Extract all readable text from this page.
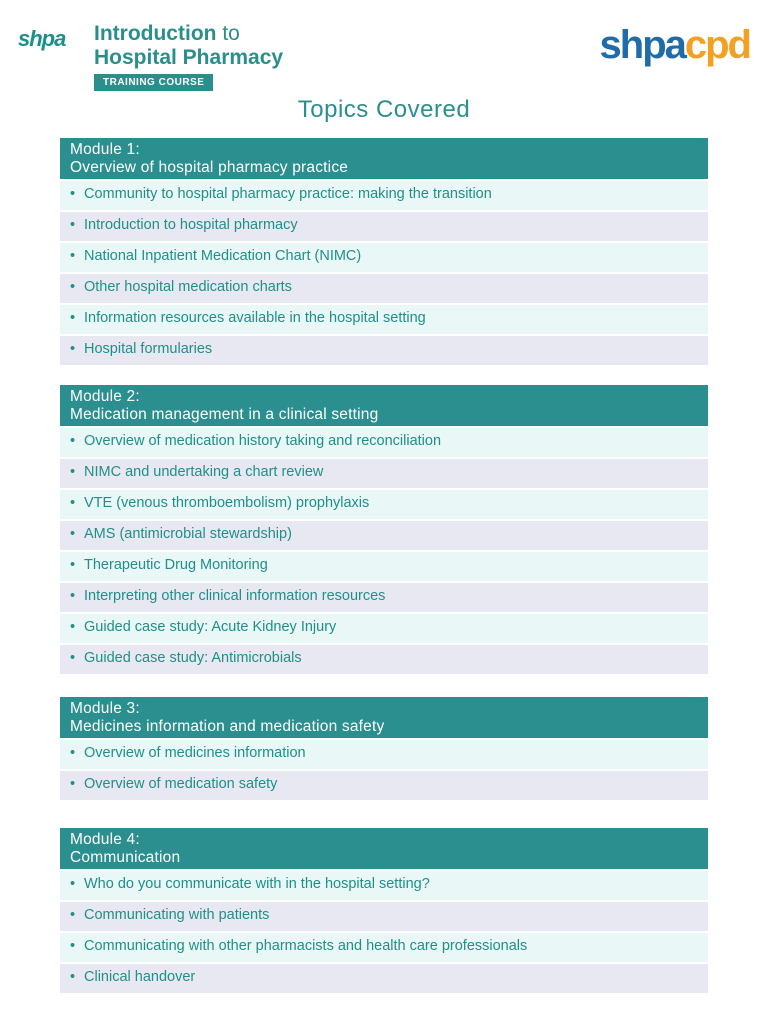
shpa Introduction to
Hospital Pharmacy
TRAINING COURSE
shpacpd
Topics Covered
Module 1:
Overview of hospital pharmacy practice
• Community to hospital pharmacy practice: making the transition
• Introduction to hospital pharmacy
• National Inpatient Medication Chart (NIMC)
• Other hospital medication charts
• Information resources available in the hospital setting
• Hospital formularies
Module 2:
Medication management in a clinical setting
• Overview of medication history taking and reconciliation
• NIMC and undertaking a chart review
• VTE (venous thromboembolism) prophylaxis
• AMS (antimicrobial stewardship)
• Therapeutic Drug Monitoring
• Interpreting other clinical information resources
• Guided case study: Acute Kidney Injury
• Guided case study: Antimicrobials
Module 3:
Medicines information and medication safety
• Overview of medicines information
• Overview of medication safety
Module 4:
Communication
• Who do you communicate with in the hospital setting?
• Communicating with patients
• Communicating with other pharmacists and health care professionals
• Clinical handover
